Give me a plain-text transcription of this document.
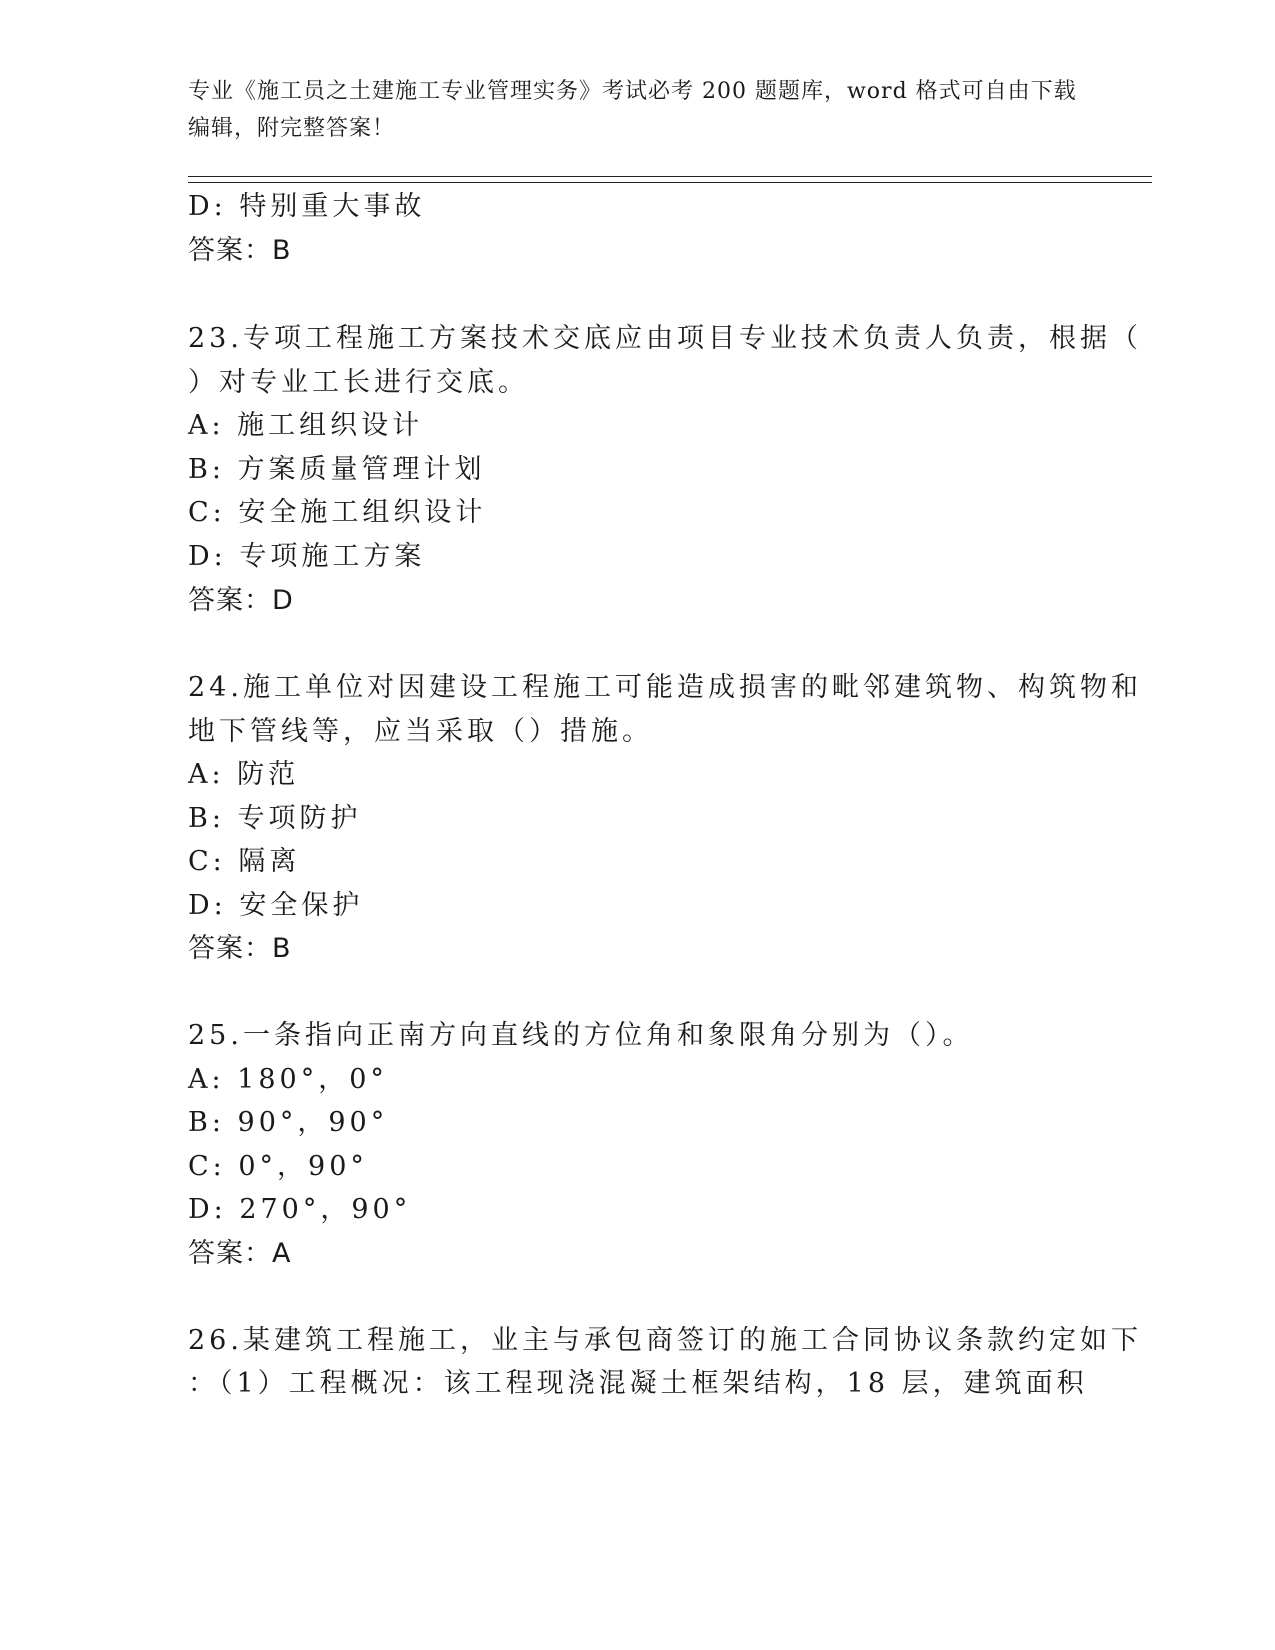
专业《施工员之土建施工专业管理实务》考试必考 200 题题库，word 格式可自由下载编辑，附完整答案！

D: 特别重大事故

答案：B

23.专项工程施工方案技术交底应由项目专业技术负责人负责，根据（

）对专业工长进行交底。

A: 施工组织设计

B: 方案质量管理计划

C: 安全施工组织设计

D: 专项施工方案

答案：D

24.施工单位对因建设工程施工可能造成损害的毗邻建筑物、构筑物和

地下管线等，应当采取（）措施。

A: 防范

B: 专项防护

C: 隔离

D: 安全保护

答案：B

25.一条指向正南方向直线的方位角和象限角分别为（）。

A: 180°，0°

B: 90°，90°

C: 0°，90°

D: 270°，90°

答案：A

26.某建筑工程施工，业主与承包商签订的施工合同协议条款约定如下

：（1）工程概况：该工程现浇混凝土框架结构，18 层，建筑面积
